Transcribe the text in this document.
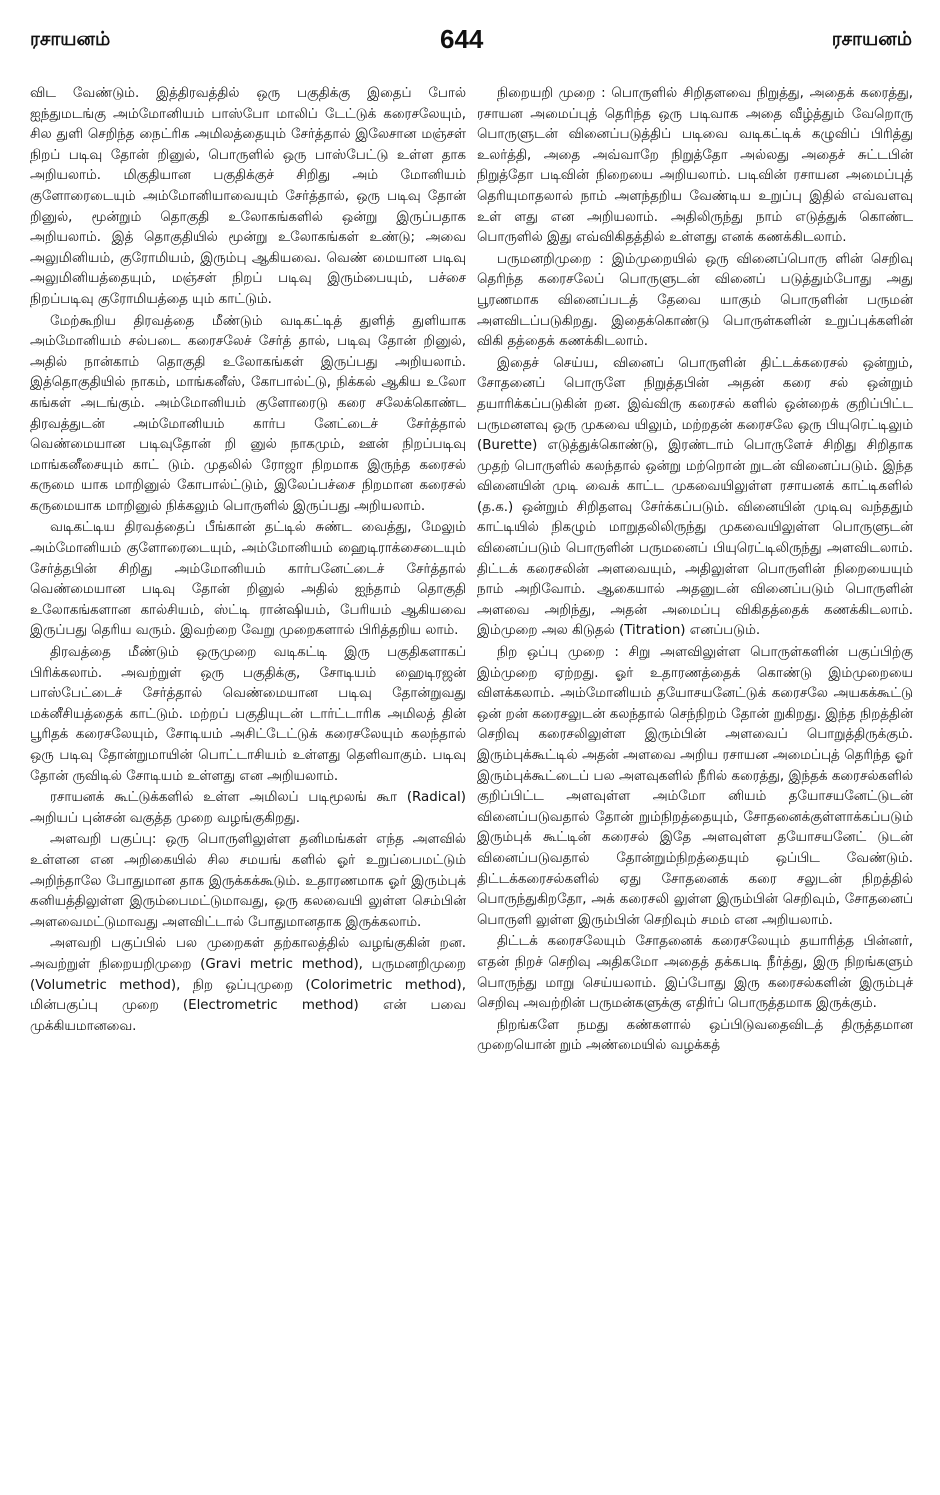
ரசாயனம்	644	ரசாயனம்

விட வேண்டும். இத்திரவத்தில் ஒரு பகுதிக்கு இதைப் போல் ஐந்துமடங்கு அம்மோனியம் பாஸ்போ மாலிப் டேட்டுக் கரைசலேயும், சில துளி செறிந்த நைட்ரிக அமிலத்தையும் சேர்த்தால் இலேசான மஞ்சள் நிறப் படிவு தோன் றினுல், பொருளில் ஒரு பாஸ்பேட்டு உள்ள தாக அறியலாம். மிகுதியான பகுதிக்குச் சிறிது அம் மோனியம் குளோரைடையும் அம்மோனியாவையும் சேர்த்தால், ஒரு படிவு தோன் றினுல், மூன்றும் தொகுதி உலோகங்களில் ஒன்று இருப்பதாக அறியலாம். இத் தொகுதியில் மூன்று உலோகங்கள் உண்டு; அவை அலுமினியம், குரோமியம், இரும்பு ஆகியவை. வெண் மையான படிவு அலுமினியத்தையும், மஞ்சள் நிறப் படிவு இரும்பையும், பச்சை நிறப்படிவு குரோமியத்தை யும் காட்டும்.

மேற்கூறிய திரவத்தை மீண்டும் வடிகட்டித் துளித் துளியாக அம்மோனியம் சல்படை கரைசலேச் சேர்த் தால், படிவு தோன் றினுல், அதில் நான்காம் தொகுதி உலோகங்கள் இருப்பது அறியலாம். இத்தொகுதியில் நாகம், மாங்கனீஸ், கோபால்ட்டு, நிக்கல் ஆகிய உலோ கங்கள் அடங்கும். அம்மோனியம் குளோரைடு கரை சலேக்கொண்ட திரவத்துடன் அம்மோனியம் கார்ப னேட்டைச் சேர்த்தால் வெண்மையான படிவுதோன் றி னுல் நாகமும், ஊன் நிறப்படிவு மாங்கனீசையும் காட் டும். முதலில் ரோஜா நிறமாக இருந்த கரைசல் கருமை யாக மாறினுல் கோபால்ட்டும், இலேப்பச்சை நிறமான கரைசல் கருமையாக மாறினுல் நிக்கலும் பொருளில் இருப்பது அறியலாம்.

வடிகட்டிய திரவத்தைப் பீங்கான் தட்டில் சுண்ட வைத்து, மேலும் அம்மோனியம் குளோரைடையும், அம்மோனியம் ஹைடிராக்சைடையும் சேர்த்தபின் சிறிது அம்மோனியம் கார்பனேட்டைச் சேர்த்தால் வெண்மையான படிவு தோன் றினுல் அதில் ஐந்தாம் தொகுதி உலோகங்களான கால்சியம், ஸ்ட்டி ரான்ஷியம், பேரியம் ஆகியவை இருப்பது தெரிய வரும். இவற்றை வேறு முறைகளால் பிரித்தறிய லாம்.

திரவத்தை மீண்டும் ஒருமுறை வடிகட்டி இரு பகுதிகளாகப் பிரிக்கலாம். அவற்றுள் ஒரு பகுதிக்கு, சோடியம் ஹைடிரஜன் பாஸ்பேட்டைச் சேர்த்தால் வெண்மையான படிவு தோன்றுவது மக்னீசியத்தைக் காட்டும். மற்றப் பகுதியுடன் டார்ட்டாரிக அமிலத் தின் பூரிதக் கரைசலேயும், சோடியம் அசிட்டேட்டுக் கரைசலேயும் கலந்தால் ஒரு படிவு தோன்றுமாயின் பொட்டாசியம் உள்ளது தெளிவாகும். படிவு தோன் ருவிடில் சோடியம் உள்ளது என அறியலாம்.

ரசாயனக் கூட்டுக்களில் உள்ள அமிலப் படிமூலங் கூா (Radical) அறியப் புன்சன் வகுத்த முறை வழங்குகிறது.

அளவறி பகுப்பு: ஒரு பொருளிலுள்ள தனிமங்கள் எந்த அளவில் உள்ளன என அறிகையில் சில சமயங் களில் ஓர் உறுப்பைமட்டும் அறிந்தாலே போதுமான தாக இருக்கக்கூடும். உதாரணமாக ஓர் இரும்புக் கனியத்திலுள்ள இரும்பைமட்டுமாவது, ஒரு கலவையி லுள்ள செம்பின் அளவைமட்டுமாவது அளவிட்டால் போதுமானதாக இருக்கலாம்.

அளவறி பகுப்பில் பல முறைகள் தற்காலத்தில் வழங்குகின் றன. அவற்றுள் நிறையறிமுறை (Gravi metric method), பருமனறிமுறை (Volumetric method), நிற ஒப்புமுறை (Colorimetric method), மின்பகுப்பு முறை (Electrometric method) என் பவை முக்கியமானவை.

நிறையறி முறை : பொருளில் சிறிதளவை நிறுத்து, அதைக் கரைத்து, ரசாயன அமைப்புத் தெரிந்த ஒரு படிவாக அதை வீழ்த்தும் வேறொரு பொருளுடன் வினைப்படுத்திப் படிவை வடிகட்டிக் கழுவிப் பிரித்து உலர்த்தி, அதை அவ்வாறே நிறுத்தோ அல்லது அதைச் சுட்டபின் நிறுத்தோ படிவின் நிறையை அறியலாம். படிவின் ரசாயன அமைப்புத் தெரியுமாதலால் நாம் அளந்தறிய வேண்டிய உறுப்பு இதில் எவ்வளவு உள் ளது என அறியலாம். அதிலிருந்து நாம் எடுத்துக் கொண்ட பொருளில் இது எவ்விகிதத்தில் உள்ளது எனக் கணக்கிடலாம்.

பருமனறிமுறை : இம்முறையில் ஒரு வினைப்பொரு ளின் செறிவு தெரிந்த கரைசலேப் பொருளுடன் வினைப் படுத்தும்போது அது பூரணமாக வினைப்படத் தேவை யாகும் பொருளின் பருமன் அளவிடப்படுகிறது. இதைக்கொண்டு பொருள்களின் உறுப்புக்களின் விகி தத்தைக் கணக்கிடலாம்.

இதைச் செய்ய, வினைப் பொருளின் திட்டக்கரைசல் ஒன்றும், சோதனைப் பொருளே நிறுத்தபின் அதன் கரை சல் ஒன்றும் தயாரிக்கப்படுகின் றன. இவ்விரு கரைசல் களில் ஒன்றைக் குறிப்பிட்ட பருமனளவு ஒரு முகவை யிலும், மற்றதன் கரைசலே ஒரு பியுரெட்டிலும் (Burette) எடுத்துக்கொண்டு, இரண்டாம் பொருளேச் சிறிது சிறிதாக முதற் பொருளில் கலந்தால் ஒன்று மற்றொன் றுடன் வினைப்படும். இந்த வினையின் முடி வைக் காட்ட முகவையிலுள்ள ரசாயனக் காட்டிகளில் (த.க.) ஒன்றும் சிறிதளவு சேர்க்கப்படும். வினையின் முடிவு வந்ததும் காட்டியில் நிகழும் மாறுதலிலிருந்து முகவையிலுள்ள பொருளுடன் வினைப்படும் பொருளின் பருமனைப் பியுரெட்டிலிருந்து அளவிடலாம். திட்டக் கரைசலின் அளவையும், அதிலுள்ள பொருளின் நிறையையும் நாம் அறிவோம். ஆகையால் அதனுடன் வினைப்படும் பொருளின் அளவை அறிந்து, அதன் அமைப்பு விகிதத்தைக் கணக்கிடலாம். இம்முறை அல கிடுதல் (Titration) எனப்படும்.

நிற ஒப்பு முறை : சிறு அளவிலுள்ள பொருள்களின் பகுப்பிற்கு இம்முறை ஏற்றது. ஓர் உதாரணத்தைக் கொண்டு இம்முறையை விளக்கலாம். அம்மோனியம் தயோசயனேட்டுக் கரைசலே அயகக்கூட்டு ஒன் றன் கரைசலுடன் கலந்தால் செந்நிறம் தோன் றுகிறது. இந்த நிறத்தின் செறிவு கரைசலிலுள்ள இரும்பின் அளவைப் பொறுத்திருக்கும். இரும்புக்கூட்டில் அதன் அளவை அறிய ரசாயன அமைப்புத் தெரிந்த ஓர் இரும்புக்கூட்டைப் பல அளவுகளில் நீரில் கரைத்து, இந்தக் கரைசல்களில் குறிப்பிட்ட அளவுள்ள அம்மோ னியம் தயோசயனேட்டுடன் வினைப்படுவதால் தோன் றும்நிறத்தையும், சோதனைக்குள்ளாக்கப்படும் இரும்புக் கூட்டின் கரைசல் இதே அளவுள்ள தயோசயனேட் டுடன் வினைப்படுவதால் தோன்றும்நிறத்தையும் ஒப்பிட வேண்டும். திட்டக்கரைசல்களில் ஏது சோதனைக் கரை சலுடன் நிறத்தில் பொருந்துகிறதோ, அக் கரைசலி லுள்ள இரும்பின் செறிவும், சோதனைப் பொருளி லுள்ள இரும்பின் செறிவும் சமம் என அறியலாம்.

திட்டக் கரைசலேயும் சோதனைக் கரைசலேயும் தயாரித்த பின்னர், எதன் நிறச் செறிவு அதிகமோ அதைத் தக்கபடி நீர்த்து, இரு நிறங்களும் பொருந்து மாறு செய்யலாம். இப்போது இரு கரைசல்களின் இரும்புச் செறிவு அவற்றின் பருமன்களுக்கு எதிர்ப் பொருத்தமாக இருக்கும்.

நிறங்களே நமது கண்களால் ஒப்பிடுவதைவிடத் திருத்தமான முறையொன் றும் அண்மையில் வழக்கத்
